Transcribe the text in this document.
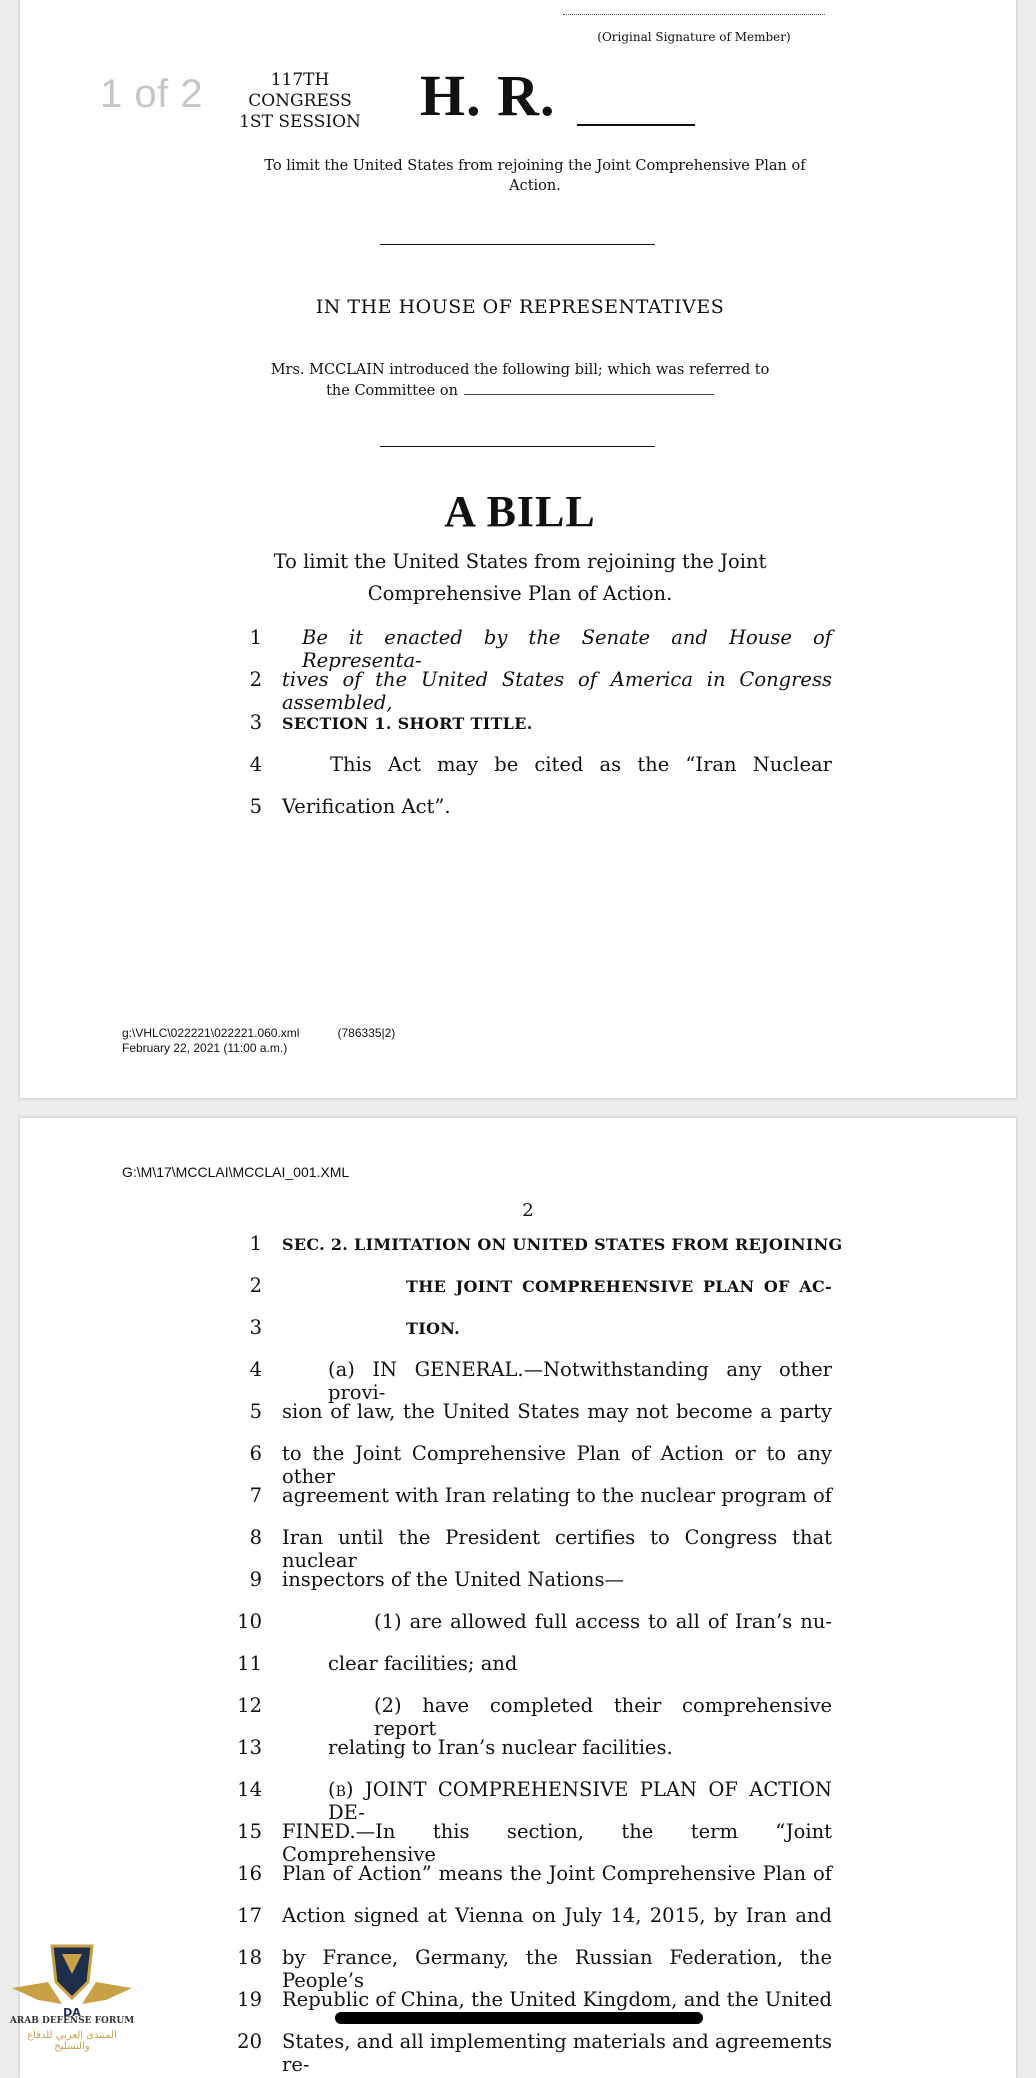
(Original Signature of Member)
1 of 2	117TH CONGRESS
1ST SESSION H. R.
To limit the United States from rejoining the Joint Comprehensive Plan of Action.
IN THE HOUSE OF REPRESENTATIVES
Mrs. MCCLAIN introduced the following bill; which was referred to the Committee on
A BILL
To limit the United States from rejoining the Joint Comprehensive Plan of Action.
1 Be it enacted by the Senate and House of Representa-
2 tives of the United States of America in Congress assembled,
3 SECTION 1. SHORT TITLE.
4	This Act may be cited as the “Iran Nuclear
5 Verification Act”.
g:\VHLC\022221\022221.060.xml	(786335|2)
February 22, 2021 (11:00 a.m.)
G:\M\17\MCCLAI\MCCLAI_001.XML
2
1 SEC. 2. LIMITATION ON UNITED STATES FROM REJOINING
2	THE JOINT COMPREHENSIVE PLAN OF AC-
3	TION.
4	(a) IN GENERAL.—Notwithstanding any other provi-
5 sion of law, the United States may not become a party
6 to the Joint Comprehensive Plan of Action or to any other
7 agreement with Iran relating to the nuclear program of
8 Iran until the President certifies to Congress that nuclear
9 inspectors of the United Nations—
10	(1) are allowed full access to all of Iran’s nu-
11	clear facilities; and
12	(2) have completed their comprehensive report
13	relating to Iran’s nuclear facilities.
14	(b) JOINT COMPREHENSIVE PLAN OF ACTION DE-
15 FINED.—In this section, the term “Joint Comprehensive
16 Plan of Action” means the Joint Comprehensive Plan of
17 Action signed at Vienna on July 14, 2015, by Iran and
18 by France, Germany, the Russian Federation, the People’s
19 Republic of China, the United Kingdom, and the United
20 States, and all implementing materials and agreements re-
DA
ARAB DEFENSE FORUM
المنتدى العربي للدفاع والتسليح
